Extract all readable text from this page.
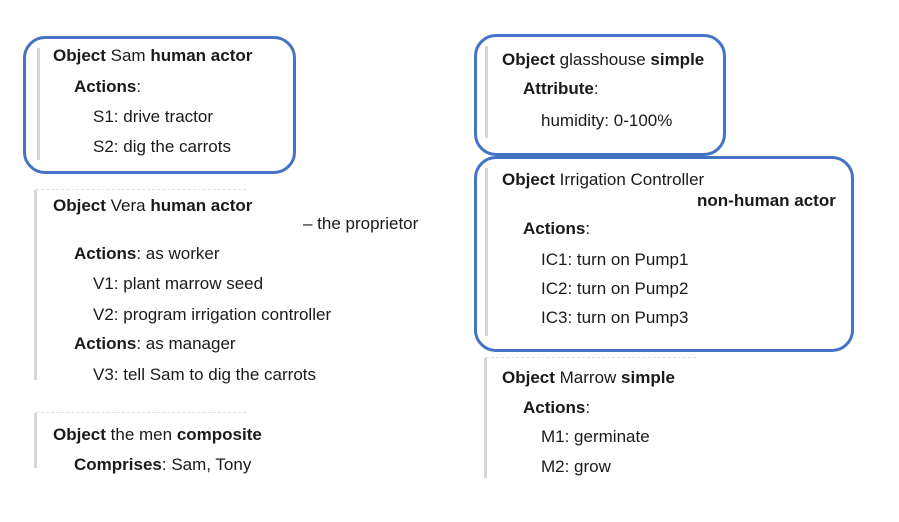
Object Sam human actor
Actions:
S1: drive tractor
S2: dig the carrots
Object Vera human actor
– the proprietor
Actions: as worker
V1: plant marrow seed
V2: program irrigation controller
Actions: as manager
V3: tell Sam to dig the carrots
Object the men composite
Comprises: Sam, Tony
Object glasshouse simple
Attribute:
humidity: 0-100%
Object Irrigation Controller
non-human actor
Actions:
IC1: turn on Pump1
IC2: turn on Pump2
IC3: turn on Pump3
Object Marrow simple
Actions:
M1: germinate
M2: grow
